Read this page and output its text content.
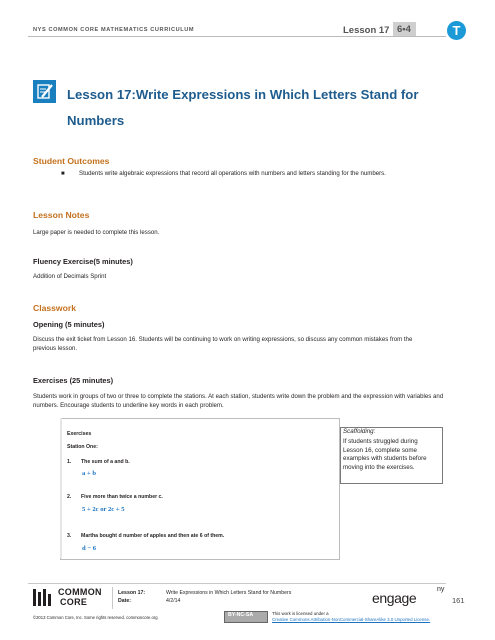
NYS COMMON CORE MATHEMATICS CURRICULUM	Lesson 17 6•4	T
Lesson 17:Write Expressions in Which Letters Stand for Numbers
Student Outcomes
■ Students write algebraic expressions that record all operations with numbers and letters standing for the numbers.
Lesson Notes
Large paper is needed to complete this lesson.
Fluency Exercise(5 minutes)
Addition of Decimals Sprint
Classwork
Opening (5 minutes)
Discuss the exit ticket from Lesson 16. Students will be continuing to work on writing expressions, so discuss any common mistakes from the previous lesson.
Exercises (25 minutes)
Students work in groups of two or three to complete the stations. At each station, students write down the problem and the expression with variables and numbers. Encourage students to underline key words in each problem.
Exercises
Station One:
1. The sum of a and b.
a + b
2. Five more than twice a number c.
5 + 2c or 2c + 5
3. Martha bought d number of apples and then ate 6 of them.
d − 6
Scaffolding:
If students struggled during Lesson 16, complete some examples with students before moving into the exercises.
COMMON
CORE
Lesson 17:	Write Expressions in Which Letters Stand for Numbers
Date:	4/2/14	engage
ny
161
©2013 Common Core, Inc. Some rights reserved. commoncore.org	BY-NC-SA	This work is licensed under a
Creative Commons Attribution-NonCommercial-ShareAlike 3.0 Unported License.
